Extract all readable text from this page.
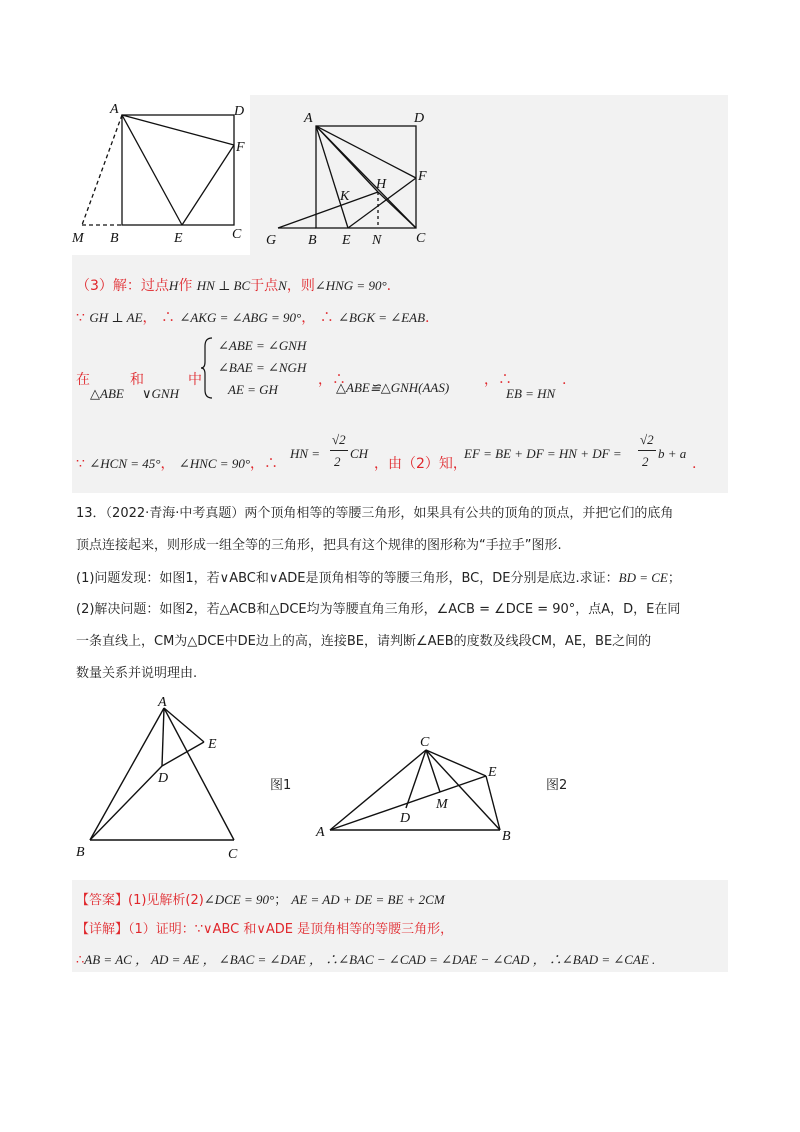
A	D
F
M B	E	C
A	D
F
H
K
G B E N C
（3）解：过点H作 HN ⊥ BC于点N，则∠HNG = 90°.
∵ GH ⊥ AE， ∴ ∠AKG = ∠ABG = 90°， ∴ ∠BGK = ∠EAB.
在
△ABE
和
∨GNH
中
∠ABE = ∠GNH
∠BAE = ∠NGH
AE = GH
，∴
△ABE≌△GNH(AAS) ，∴
EB = HN
.
∵ ∠HCN = 45°， ∠HNC = 90°，∴
HN =
√2
2
CH
，由（2）知，
EF = BE + DF = HN + DF =
√2
2
b + a
.
13．（2022·青海·中考真题）两个顶角相等的等腰三角形，如果具有公共的顶角的顶点，并把它们的底角
顶点连接起来，则形成一组全等的三角形，把具有这个规律的图形称为“手拉手”图形.
(1)问题发现：如图1，若∨ABC和∨ADE是顶角相等的等腰三角形，BC，DE分别是底边.求证：BD = CE；
(2)解决问题：如图2，若△ACB和△DCE均为等腰直角三角形，∠ACB = ∠DCE = 90°，点A，D，E在同
一条直线上，CM为△DCE中DE边上的高，连接BE，请判断∠AEB的度数及线段CM，AE，BE之间的
数量关系并说明理由.
A
E
D
B	C
图1
C
E
M
D
A	B
图2
【答案】(1)见解析(2)∠DCE = 90°； AE = AD + DE = BE + 2CM
【详解】（1）证明：∵∨ABC 和∨ADE 是顶角相等的等腰三角形，
∴AB = AC ， AD = AE ， ∠BAC = ∠DAE ， ∴∠BAC − ∠CAD = ∠DAE − ∠CAD ， ∴∠BAD = ∠CAE .
